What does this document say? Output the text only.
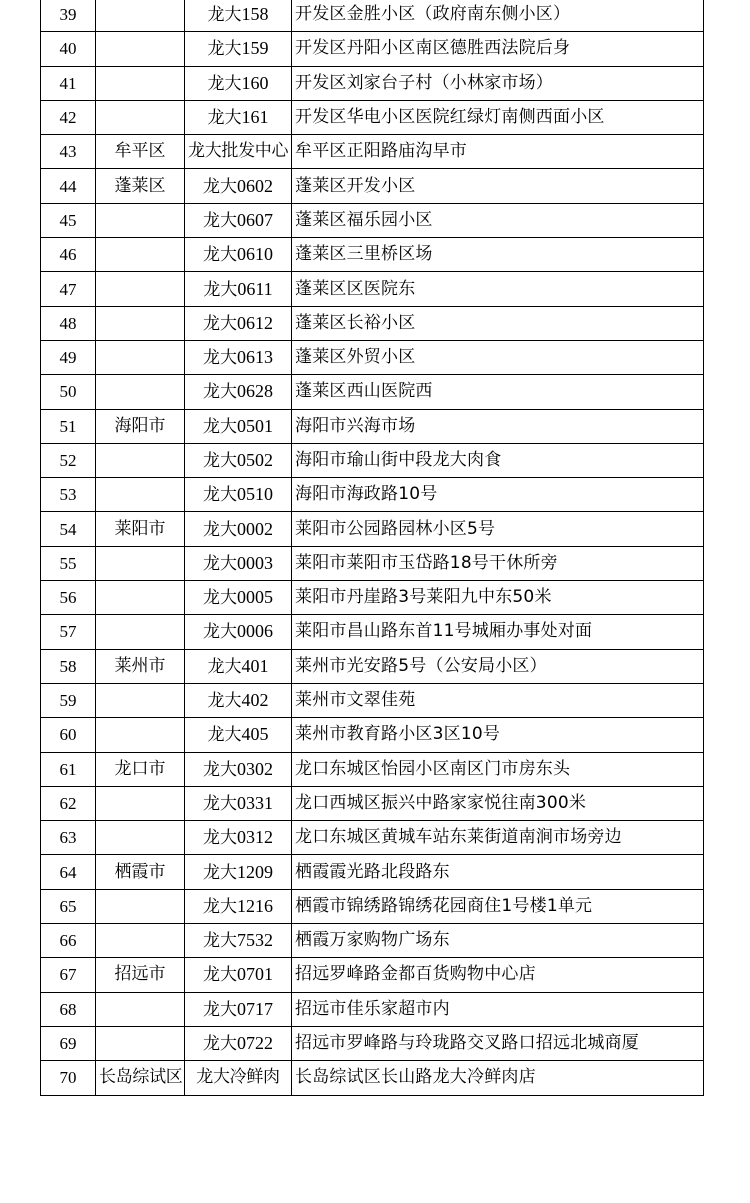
39		龙大158	开发区金胜小区（政府南东侧小区）
40		龙大159	开发区丹阳小区南区德胜西法院后身
41		龙大160	开发区刘家台子村（小林家市场）
42		龙大161	开发区华电小区医院红绿灯南侧西面小区
43	牟平区	龙大批发中心	牟平区正阳路庙沟早市
44	蓬莱区	龙大0602	蓬莱区开发小区
45		龙大0607	蓬莱区福乐园小区
46		龙大0610	蓬莱区三里桥区场
47		龙大0611	蓬莱区区医院东
48		龙大0612	蓬莱区长裕小区
49		龙大0613	蓬莱区外贸小区
50		龙大0628	蓬莱区西山医院西
51	海阳市	龙大0501	海阳市兴海市场
52		龙大0502	海阳市瑜山街中段龙大肉食
53		龙大0510	海阳市海政路10号
54	莱阳市	龙大0002	莱阳市公园路园林小区5号
55		龙大0003	莱阳市莱阳市玉岱路18号干休所旁
56		龙大0005	莱阳市丹崖路3号莱阳九中东50米
57		龙大0006	莱阳市昌山路东首11号城厢办事处对面
58	莱州市	龙大401	莱州市光安路5号（公安局小区）
59		龙大402	莱州市文翠佳苑
60		龙大405	莱州市教育路小区3区10号
61	龙口市	龙大0302	龙口东城区怡园小区南区门市房东头
62		龙大0331	龙口西城区振兴中路家家悦往南300米
63		龙大0312	龙口东城区黄城车站东莱街道南涧市场旁边
64	栖霞市	龙大1209	栖霞霞光路北段路东
65		龙大1216	栖霞市锦绣路锦绣花园商住1号楼1单元
66		龙大7532	栖霞万家购物广场东
67	招远市	龙大0701	招远罗峰路金都百货购物中心店
68		龙大0717	招远市佳乐家超市内
69		龙大0722	招远市罗峰路与玲珑路交叉路口招远北城商厦
70	长岛综试区	龙大冷鲜肉	长岛综试区长山路龙大冷鲜肉店
